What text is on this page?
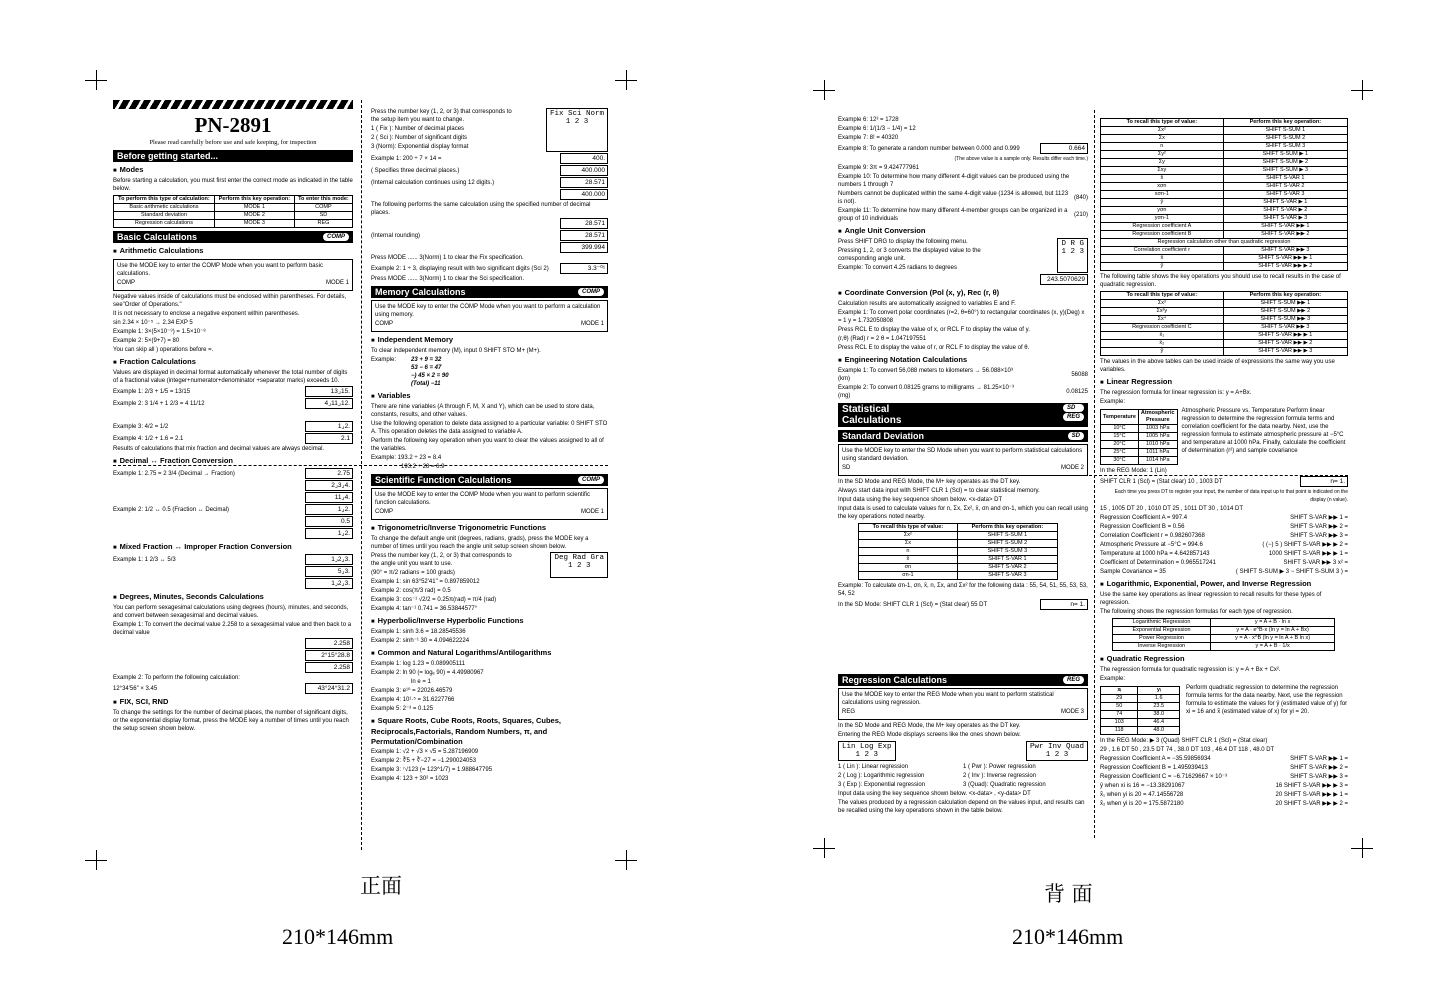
PN-2891
Please read carefully before use and safe keeping, for inspection
Before getting started...
■ Modes
Before starting a calculation, you must first enter the correct mode as indicated in the table below.
To perform this type of calculation:	Perform this key operation:	To enter this mode:
Basic arithmetic calculations	MODE 1	COMP
Standard deviation	MODE 2	SD
Regression calculations	MODE 3	REG
Basic Calculations	COMP
■ Arithmetic Calculations
Use the MODE key to enter the COMP Mode when you want to perform basic calculations.
COMP	MODE 1
Negative values inside of calculations must be enclosed within parentheses. For details, see"Order of Operations."
It is not necessary to enclose a negative exponent within parentheses.
sin 2.34 × 10⁻⁵ → 2.34 EXP 5
Example 1: 3×(5×10⁻⁹) = 1.5×10⁻⁸
Example 2: 5×(9+7) = 80
You can skip all ) operations before =.
■ Fraction Calculations
Values are displayed in decimal format automatically whenever the total number of digits of a fractional value (integer+numerator+denominator +separator marks) exceeds 10.
Example 1: 2/3 + 1/5 = 13/15	13⌟15.
Example 2: 3 1/4 + 1 2/3 = 4 11/12	4⌟11⌟12.
Example 3: 4/2 = 1/2	1⌟2.
Example 4: 1/2 + 1.6 = 2.1	2.1
Results of calculations that mix fraction and decimal values are always decimal.
■ Decimal ↔ Fraction Conversion
Example 1: 2.75 = 2 3/4 (Decimal → Fraction)	2.75
2⌟3⌟4.
11⌟4.
Example 2: 1/2 ↔ 0.5 (Fraction ↔ Decimal)	1⌟2.
0.5
1⌟2.
■ Mixed Fraction ↔ Improper Fraction Conversion
Example 1: 1 2/3 ↔ 5/3	1⌟2⌟3.
5⌟3.
1⌟2⌟3.
■ Degrees, Minutes, Seconds Calculations
You can perform sexagesimal calculations using degrees (hours), minutes, and seconds, and convert between sexagesimal and decimal values.
Example 1: To convert the decimal value 2.258 to a sexagesimal value and then back to a decimal value
2.258
2°15°28.8
2.258
Example 2: To perform the following calculation:
12°34'56" × 3.45	43°24°31.2
■ FIX, SCI, RND
To change the settings for the number of decimal places, the number of significant digits, or the exponential display format, press the MODE key a number of times until you reach the setup screen shown below.
Press the number key (1, 2, or 3) that corresponds to the setup item you want to change.
1 ( Fix ): Number of decimal places
2 ( Sci ): Number of significant digits
3 (Norm): Exponential display format
Fix Sci Norm
1 2 3
Example 1: 200 ÷ 7 × 14 =	400.
( Specifies three decimal places.)	400.000
(Internal calculation continues using 12 digits.)	28.571
400.000
The following performs the same calculation using the specified number of decimal places.
28.571
(Internal rounding)	28.571
399.994
Press MODE ...... 3(Norm) 1 to clear the Fix specification.
Example 2: 1 ÷ 3, displaying result with two significant digits (Sci 2)	3.3⁻⁰¹
Press MODE ...... 3(Norm) 1 to clear the Sci specification.
Memory Calculations	COMP
Use the MODE key to enter the COMP Mode when you want to perform a calculation using memory.
COMP	MODE 1
■ Independent Memory
To clear independent memory (M), input 0 SHIFT STO M+ (M+).
Example:	23 + 9 = 32
53 − 6 = 47
−) 45 × 2 = 90
(Total) −11
■ Variables
There are nine variables (A through F, M, X and Y), which can be used to store data, constants, results, and other values.
Use the following operation to delete data assigned to a particular variable: 0 SHIFT STO A. This operation deletes the data assigned to variable A.
Perform the following key operation when you want to clear the values assigned to all of the variables.
Example: 193.2 ÷ 23 = 8.4
193.2 ÷ 28 = 6.9
Scientific Function Calculations	COMP
Use the MODE key to enter the COMP Mode when you want to perform scientific function calculations.
COMP	MODE 1
■ Trigonometric/Inverse Trigonometric Functions
To change the default angle unit (degrees, radians, grads), press the MODE key a number of times until you reach the angle unit setup screen shown below.
Press the number key (1, 2, or 3) that corresponds to the angle unit you want to use.
(90° = π/2 radians = 100 grads)
Deg Rad Gra
1 2 3
Example 1: sin 63°52'41" = 0.897859012
Example 2: cos(π/3 rad) = 0.5
Example 3: cos⁻¹ √2/2 = 0.25π(rad) = π/4 (rad)
Example 4: tan⁻¹ 0.741 = 36.53844577°
■ Hyperbolic/Inverse Hyperbolic Functions
Example 1: sinh 3.6 = 18.28545536
Example 2: sinh⁻¹ 30 = 4.094622224
■ Common and Natural Logarithms/Antilogarithms
Example 1: log 1.23 = 0.089905111
Example 2: ln 90 (= logₑ 90) = 4.49980967
ln e = 1
Example 3: e¹⁰ = 22026.46579
Example 4: 10¹·⁵ = 31.6227766
Example 5: 2⁻³ = 0.125
■ Square Roots, Cube Roots, Roots, Squares, Cubes, Reciprocals,Factorials, Random Numbers, π, and Permutation/Combination
Example 1: √2 + √3 × √5 = 5.287196909
Example 2: ∛5 + ∛−27 = −1.290024053
Example 3: ⁷√123 (= 123^1/7) = 1.988647795
Example 4: 123 + 30² = 1023
Example 6: 12³ = 1728
Example 6: 1/(1/3 − 1/4) = 12
Example 7: 8! = 40320
Example 8: To generate a random number between 0.000 and 0.999	0.664
(The above value is a sample only. Results differ each time.)
Example 9: 3π = 9.424777961
Example 10: To determine how many different 4-digit values can be produced using the numbers 1 through 7
Numbers cannot be duplicated within the same 4-digit value (1234 is allowed, but 1123 is not).
(840)
Example 11: To determine how many different 4-member groups can be organized in a group of 10 individuals
(210)
■ Angle Unit Conversion
Press SHIFT DRG to display the following menu.
Pressing 1, 2, or 3 converts the displayed value to the corresponding angle unit.
Example: To convert 4.25 radians to degrees
D R G
1 2 3
243.5070629
■ Coordinate Conversion (Pol (x, y), Rec (r, θ)
Calculation results are automatically assigned to variables E and F.
Example 1: To convert polar coordinates (r=2, θ=60°) to rectangular coordinates (x, y)(Deg) x = 1 y = 1.732050808
Press RCL E to display the value of x, or RCL F to display the value of y.
(r,θ) (Rad) r = 2 θ = 1.047197551
Press RCL E to display the value of r, or RCL F to display the value of θ.
■ Engineering Notation Calculations
Example 1: To convert 56,088 meters to kilometers → 56.088×10³ (km)
56088
Example 2: To convert 0.08125 grams to milligrams → 81.25×10⁻³ (mg)
0.08125
Statistical
Calculations
SD
REG
Standard Deviation	SD
Use the MODE key to enter the SD Mode when you want to perform statistical calculations using standard deviation.
SD	MODE 2
In the SD Mode and REG Mode, the M+ key operates as the DT key.
Always start data input with SHIFT CLR 1 (Scl) = to clear statistical memory.
Input data using the key sequence shown below. <x-data> DT
Input data is used to calculate values for n, Σx, Σx², x̄, σn and σn-1, which you can recall using the key operations noted nearby.
To recall this type of value:	Perform this key operation:
Σx²	SHIFT S-SUM 1
Σx	SHIFT S-SUM 2
n	SHIFT S-SUM 3
x̄	SHIFT S-VAR 1
σn	SHIFT S-VAR 2
σn-1	SHIFT S-VAR 3
Example: To calculate σn-1, σn, x̄, n, Σx, and Σx² for the following data : 55, 54, 51, 55, 53, 53, 54, 52
In the SD Mode: SHIFT CLR 1 (Scl) = (Stat clear) 55 DT	n= 1.
Regression Calculations	REG
Use the MODE key to enter the REG Mode when you want to perform statistical calculations using regression.
REG	MODE 3
In the SD Mode and REG Mode, the M+ key operates as the DT key.
Entering the REG Mode displays screens like the ones shown below.
Lin Log Exp
1 2 3
Pwr Inv Quad
1 2 3
1 ( Lin ): Linear regression	1 ( Pwr ): Power regression
2 ( Log ): Logarithmic regression	2 ( Inv ): Inverse regression
3 ( Exp ): Exponential regression	3 (Quad): Quadratic regression
Input data using the key sequence shown below. <x-data> , <y-data> DT
The values produced by a regression calculation depend on the values input, and results can be recalled using the key operations shown in the table below.
To recall this type of value:	Perform this key operation:
Σx²	SHIFT S-SUM 1
Σx	SHIFT S-SUM 2
n	SHIFT S-SUM 3
Σy²	SHIFT S-SUM ▶ 1
Σy	SHIFT S-SUM ▶ 2
Σxy	SHIFT S-SUM ▶ 3
x̄	SHIFT S-VAR 1
xσn	SHIFT S-VAR 2
xσn-1	SHIFT S-VAR 3
ȳ	SHIFT S-VAR ▶ 1
yσn	SHIFT S-VAR ▶ 2
yσn-1	SHIFT S-VAR ▶ 3
Regression coefficient A	SHIFT S-VAR ▶▶ 1
Regression coefficient B	SHIFT S-VAR ▶▶ 2
Regression calculation other than quadratic regression	
Correlation coefficient r	SHIFT S-VAR ▶▶ 3
x̂	SHIFT S-VAR ▶▶ ▶ 1
ŷ	SHIFT S-VAR ▶▶ ▶ 2
The following table shows the key operations you should use to recall results in the case of quadratic regression.
To recall this type of value:	Perform this key operation:
Σx³	SHIFT S-SUM ▶▶ 1
Σx²y	SHIFT S-SUM ▶▶ 2
Σx⁴	SHIFT S-SUM ▶▶ 3
Regression coefficient C	SHIFT S-VAR ▶▶ 3
x̂₁	SHIFT S-VAR ▶▶ ▶ 1
x̂₂	SHIFT S-VAR ▶▶ ▶ 2
ŷ	SHIFT S-VAR ▶▶ ▶ 3
The values in the above tables can be used inside of expressions the same way you use variables.
■ Linear Regression
The regression formula for linear regression is: y = A+Bx.
Example:
Temperature	Atmospheric Pressure
10°C	1003 hPa
15°C	1005 hPa
20°C	1010 hPa
25°C	1011 hPa
30°C	1014 hPa
Atmospheric Pressure vs. Temperature Perform linear regression to determine the regression formula terms and correlation coefficient for the data nearby. Next, use the regression formula to estimate atmospheric pressure at −5°C and temperature at 1000 hPa. Finally, calculate the coefficient of determination (r²) and sample covariance
In the REG Mode: 1 (Lin)
SHIFT CLR 1 (Scl) = (Stat clear) 10 , 1003 DT	n= 1.
Each time you press DT to register your input, the number of data input up to that point is indicated on the display (n value).
15 , 1005 DT 20 , 1010 DT 25 , 1011 DT 30 , 1014 DT
Regression Coefficient A = 997.4	SHIFT S-VAR ▶▶ 1 =
Regression Coefficient B = 0.56	SHIFT S-VAR ▶▶ 2 =
Correlation Coefficient r = 0.982607368	SHIFT S-VAR ▶▶ 3 =
Atmospheric Pressure at −5°C = 994.6	( (−) 5 ) SHIFT S-VAR ▶▶ ▶ 2 =
Temperature at 1000 hPa = 4.642857143	1000 SHIFT S-VAR ▶▶ ▶ 1 =
Coefficient of Determination = 0.965517241	SHIFT S-VAR ▶▶ 3 x² =
Sample Covariance = 35	( SHIFT S-SUM ▶ 3 − SHIFT S-SUM 3 ) =
■ Logarithmic, Exponential, Power, and Inverse Regression
Use the same key operations as linear regression to recall results for these types of regression.
The following shows the regression formulas for each type of regression.
Logarithmic Regression	y = A + B · ln x
Exponential Regression	y = A · e^B·x (ln y = ln A + Bx)
Power Regression	y = A · x^B (ln y = ln A + B ln x)
Inverse Regression	y = A + B · 1/x
■ Quadratic Regression
The regression formula for quadratic regression is: y = A + Bx + Cx².
Example:
xᵢ	yᵢ
29	1.6
50	23.5
74	38.0
103	46.4
118	48.0
Perform quadratic regression to determine the regression formula terms for the data nearby. Next, use the regression formula to estimate the values for ŷ (estimated value of y) for xi = 16 and x̂ (estimated value of x) for yi = 20.
In the REG Mode: ▶ 3 (Quad) SHIFT CLR 1 (Scl) = (Stat clear)
29 , 1.6 DT 50 , 23.5 DT 74 , 38.0 DT 103 , 46.4 DT 118 , 48.0 DT
Regression Coefficient A = −35.59856934	SHIFT S-VAR ▶▶ 1 =
Regression Coefficient B = 1.495939413	SHIFT S-VAR ▶▶ 2 =
Regression Coefficient C = −6.71629667 × 10⁻³	SHIFT S-VAR ▶▶ 3 =
ŷ when xi is 16 = −13.38291067	16 SHIFT S-VAR ▶▶ ▶ 3 =
x̂₁ when yi is 20 = 47.14556728	20 SHIFT S-VAR ▶▶ ▶ 1 =
x̂₂ when yi is 20 = 175.5872180	20 SHIFT S-VAR ▶▶ ▶ 2 =
正面
210*146mm
背 面
210*146mm
